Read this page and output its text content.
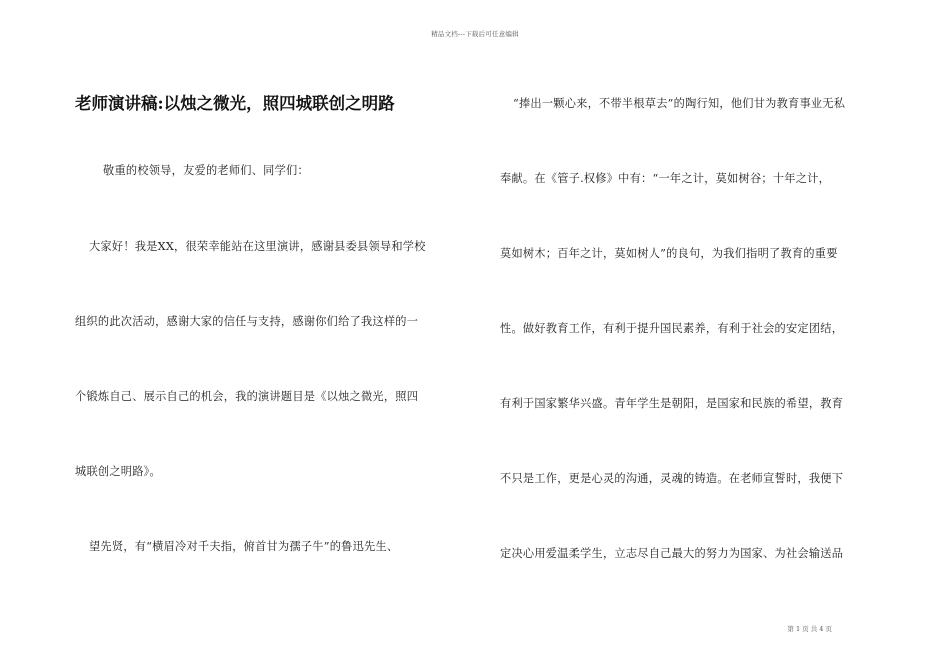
精品文档---下载后可任意编辑
老师演讲稿:以烛之微光，照四城联创之明路
敬重的校领导，友爱的老师们、同学们：
大家好！我是XX，很荣幸能站在这里演讲，感谢县委县领导和学校
组织的此次活动，感谢大家的信任与支持，感谢你们给了我这样的一
个锻炼自己、展示自己的机会，我的演讲题目是《以烛之微光，照四
城联创之明路》。
望先贤，有“横眉冷对千夫指，俯首甘为孺子牛”的鲁迅先生、
“捧出一颗心来，不带半根草去”的陶行知，他们甘为教育事业无私
奉献。在《管子.权修》中有：“一年之计，莫如树谷；十年之计，
莫如树木；百年之计，莫如树人”的良句，为我们指明了教育的重要
性。做好教育工作，有利于提升国民素养，有利于社会的安定团结，
有利于国家繁华兴盛。青年学生是朝阳，是国家和民族的希望，教育
不只是工作，更是心灵的沟通，灵魂的铸造。在老师宣誓时，我便下
定决心用爱温柔学生，立志尽自己最大的努力为国家、为社会输送品
第 1 页 共 4 页
